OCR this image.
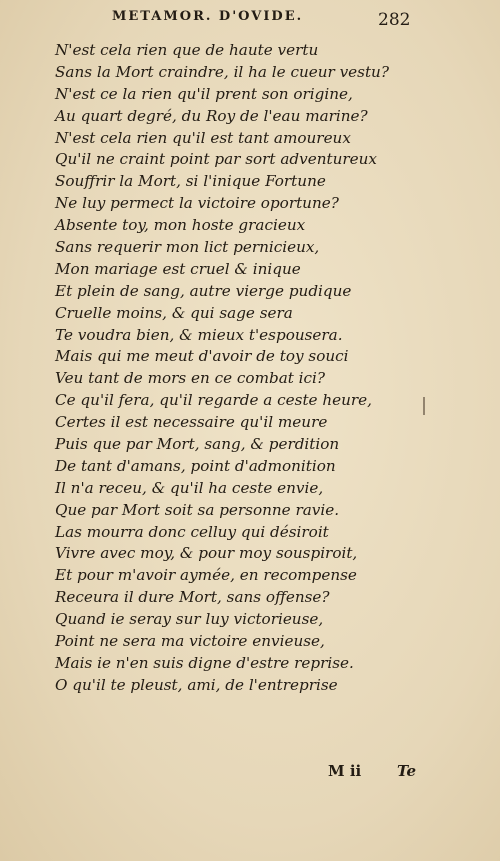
METAMOR. D'OVIDE.	282
N'est cela rien que de haute vertu
Sans la Mort craindre, il ha le cueur vestu?
N'est ce la rien qu'il prent son origine,
Au quart degré, du Roy de l'eau marine?
N'est cela rien qu'il est tant amoureux
Qu'il ne craint point par sort adventureux
Souffrir la Mort, si l'inique Fortune
Ne luy permect la victoire oportune?
Absente toy, mon hoste gracieux
Sans requerir mon lict pernicieux,
Mon mariage est cruel & inique
Et plein de sang, autre vierge pudique
Cruelle moins, & qui sage sera
Te voudra bien, & mieux t'espousera.
Mais qui me meut d'avoir de toy souci
Veu tant de mors en ce combat ici?
Ce qu'il fera, qu'il regarde a ceste heure,
Certes il est necessaire qu'il meure
Puis que par Mort, sang, & perdition
De tant d'amans, point d'admonition
Il n'a receu, & qu'il ha ceste envie,
Que par Mort soit sa personne ravie.
Las mourra donc celluy qui désiroit
Vivre avec moy, & pour moy souspiroit,
Et pour m'avoir aymée, en recompense
Receura il dure Mort, sans offense?
Quand ie seray sur luy victorieuse,
Point ne sera ma victoire envieuse,
Mais ie n'en suis digne d'estre reprise.
O qu'il te pleust, ami, de l'entreprise
M ii Te
